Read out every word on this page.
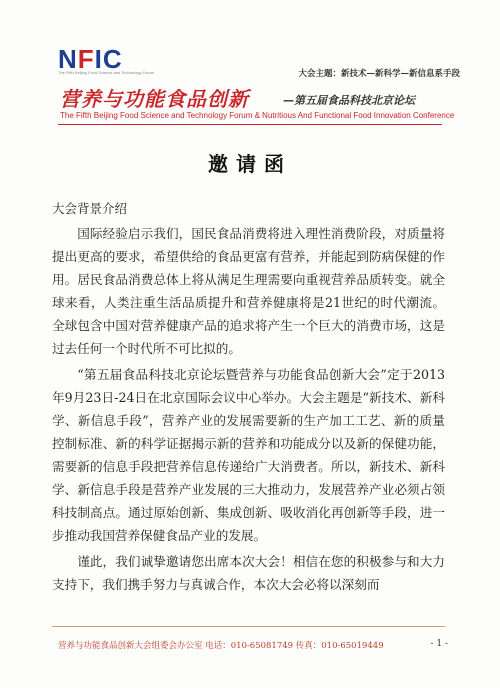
NFIC
The Fifth Beijing Food Science and Technology Forum	大会主题：新技术—新科学—新信息系手段
营养与功能食品创新	—第五届食品科技北京论坛
The Fifth Beijing Food Science and Technology Forum & Nutritious And Functional Food Innovation Conference
邀请函
大会背景介绍

国际经验启示我们，国民食品消费将进入理性消费阶段，对质量将提出更高的要求，希望供给的食品更富有营养，并能起到防病保健的作用。居民食品消费总体上将从满足生理需要向重视营养品质转变。就全球来看，人类注重生活品质提升和营养健康将是21世纪的时代潮流。全球包含中国对营养健康产品的追求将产生一个巨大的消费市场，这是过去任何一个时代所不可比拟的。

“第五届食品科技北京论坛暨营养与功能食品创新大会”定于2013年9月23日-24日在北京国际会议中心举办。大会主题是“新技术、新科学、新信息手段”，营养产业的发展需要新的生产加工工艺、新的质量控制标准、新的科学证据揭示新的营养和功能成分以及新的保健功能，需要新的信息手段把营养信息传递给广大消费者。所以，新技术、新科学、新信息手段是营养产业发展的三大推动力，发展营养产业必须占领科技制高点。通过原始创新、集成创新、吸收消化再创新等手段，进一步推动我国营养保健食品产业的发展。

谨此，我们诚挚邀请您出席本次大会！相信在您的积极参与和大力支持下，我们携手努力与真诚合作，本次大会必将以深刻而

营养与功能食品创新大会组委会办公室 电话：010-65081749 传真：010-65019449	- 1 -
